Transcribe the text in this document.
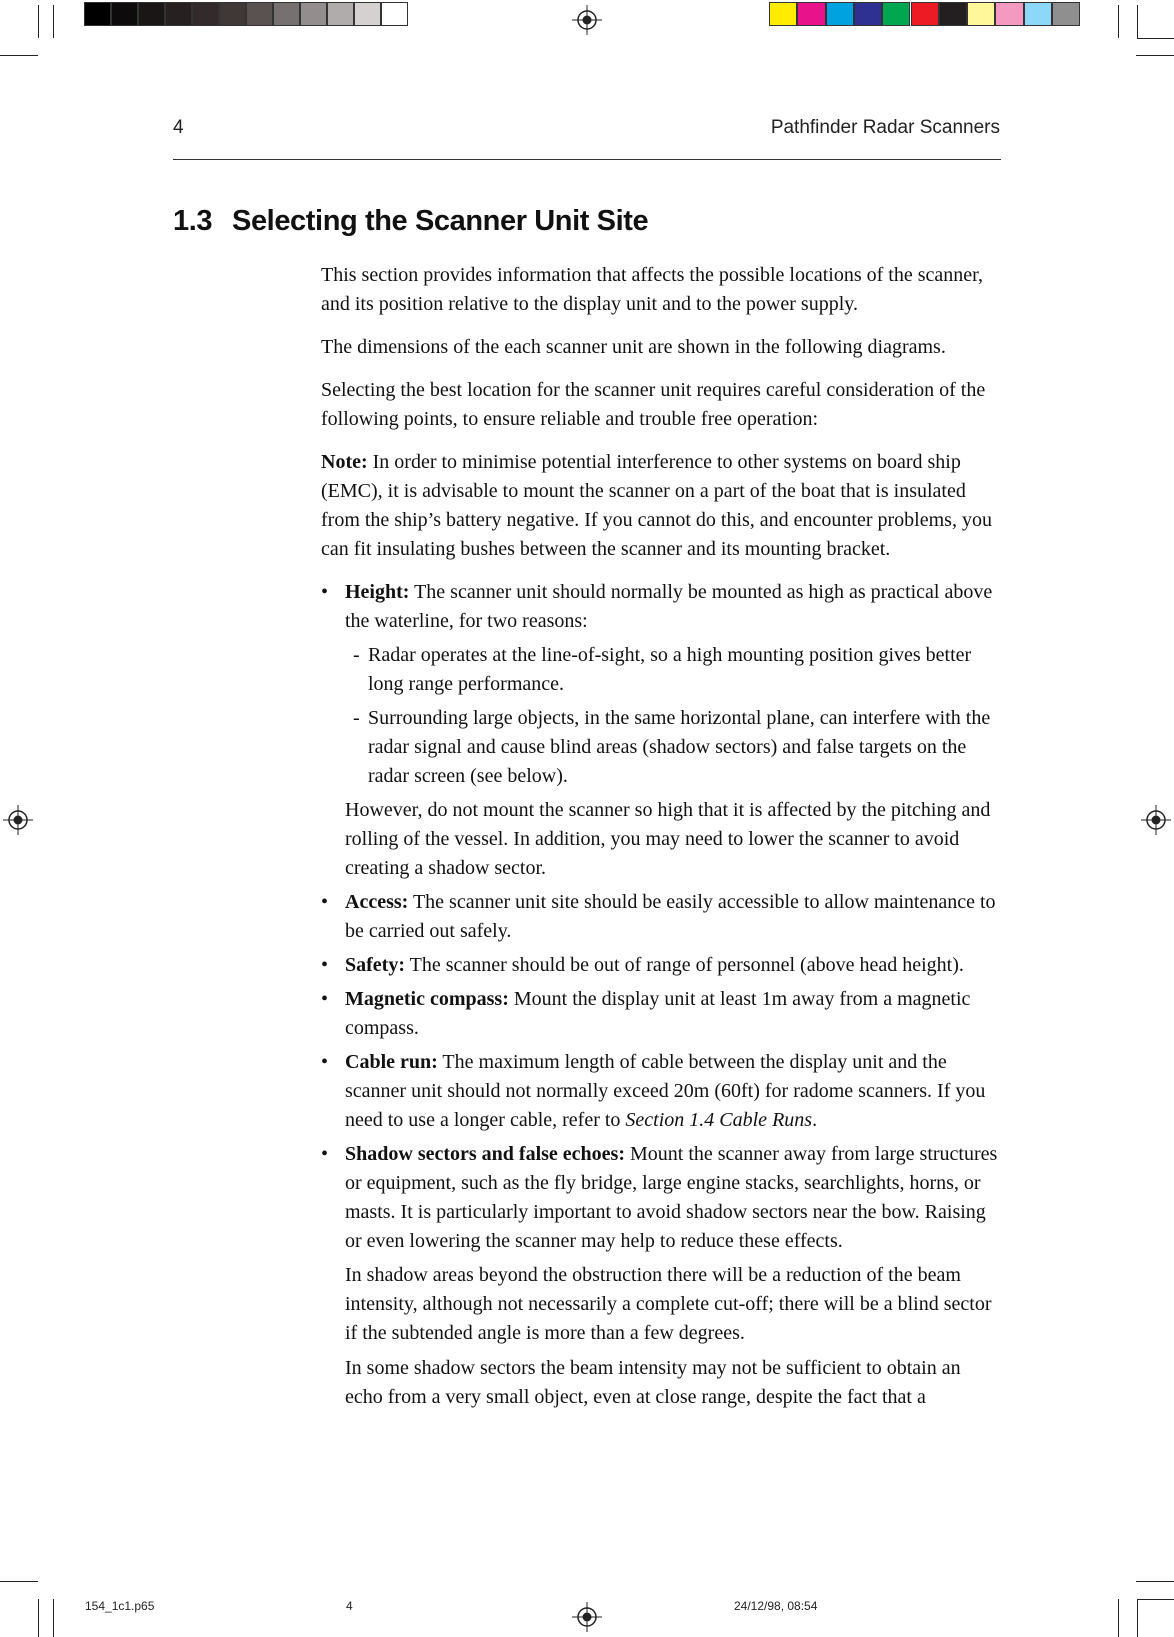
4	Pathfinder Radar Scanners
1.3 Selecting the Scanner Unit Site

This section provides information that affects the possible locations of the scanner, and its position relative to the display unit and to the power supply.

The dimensions of the each scanner unit are shown in the following diagrams.

Selecting the best location for the scanner unit requires careful consideration of the following points, to ensure reliable and trouble free operation:

Note: In order to minimise potential interference to other systems on board ship (EMC), it is advisable to mount the scanner on a part of the boat that is insulated from the ship’s battery negative. If you cannot do this, and encounter problems, you can fit insulating bushes between the scanner and its mounting bracket.

• Height: The scanner unit should normally be mounted as high as practical above the waterline, for two reasons:
- Radar operates at the line-of-sight, so a high mounting position gives better long range performance.
- Surrounding large objects, in the same horizontal plane, can interfere with the radar signal and cause blind areas (shadow sectors) and false targets on the radar screen (see below).
However, do not mount the scanner so high that it is affected by the pitching and rolling of the vessel. In addition, you may need to lower the scanner to avoid creating a shadow sector.
• Access: The scanner unit site should be easily accessible to allow maintenance to be carried out safely.
• Safety: The scanner should be out of range of personnel (above head height).
• Magnetic compass: Mount the display unit at least 1m away from a magnetic compass.
• Cable run: The maximum length of cable between the display unit and the scanner unit should not normally exceed 20m (60ft) for radome scanners. If you need to use a longer cable, refer to Section 1.4 Cable Runs.
• Shadow sectors and false echoes: Mount the scanner away from large structures or equipment, such as the fly bridge, large engine stacks, searchlights, horns, or masts. It is particularly important to avoid shadow sectors near the bow. Raising or even lowering the scanner may help to reduce these effects.
In shadow areas beyond the obstruction there will be a reduction of the beam intensity, although not necessarily a complete cut-off; there will be a blind sector if the subtended angle is more than a few degrees.
In some shadow sectors the beam intensity may not be sufficient to obtain an echo from a very small object, even at close range, despite the fact that a
154_1c1.p65	4	24/12/98, 08:54
